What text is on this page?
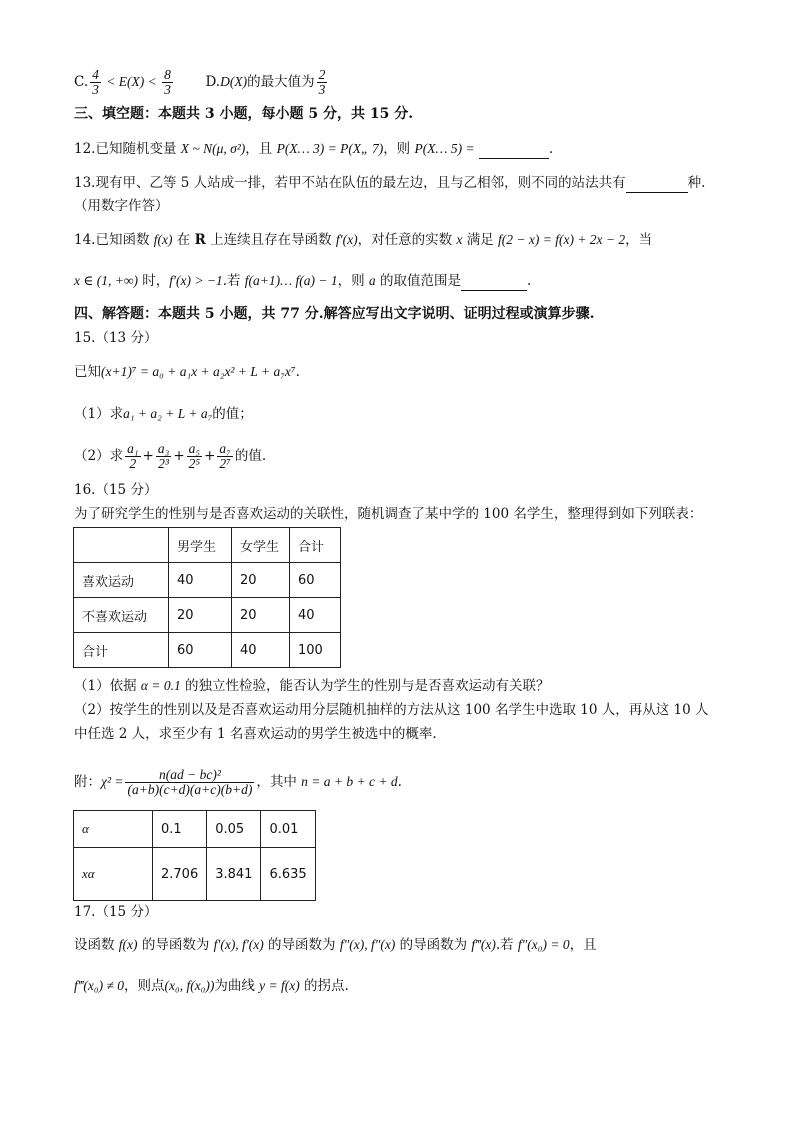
C. $\frac{4}{3} < E(X) < \frac{8}{3} D.D(X)$的最大值为 $\frac{2}{3}$
三、填空题：本题共 3 小题，每小题 5 分，共 15 分.
12.已知随机变量 X ~ N(μ, σ²)，且 P(X… 3) = P(X„ 7)，则 P(X… 5) =	.
13.现有甲、乙等 5 人站成一排，若甲不站在队伍的最左边，且与乙相邻，则不同的站法共有	种.
（用数字作答）
14.已知函数 f(x) 在 R 上连续且存在导函数 f′(x)，对任意的实数 x 满足 f(2 − x) = f(x) + 2x − 2，当
x ∈ (1, +∞) 时，f′(x) > −1.若 f(a+1)… f(a) − 1，则 a 的取值范围是	.
四、解答题：本题共 5 小题，共 77 分.解答应写出文字说明、证明过程或演算步骤.
15.（13 分）
已知(x+1)⁷ = a₀ + a₁x + a₂x² + L + a₇x⁷.
（1）求a₁ + a₂ + L + a₇的值；
（2）求 $\frac{\text{a₁}}{2} + \frac{\text{a₃}}{\text{2³}} + \frac{\text{a₅}}{\text{2⁵}} + \frac{\text{a₇}}{\text{2⁷}}$ 的值.
16.（15 分）
为了研究学生的性别与是否喜欢运动的关联性，随机调查了某中学的 100 名学生，整理得到如下列联表：
	男学生	女学生	合计
喜欢运动	40	20	60
不喜欢运动	20	20	40
合计	60	40	100
（1）依据 α = 0.1 的独立性检验，能否认为学生的性别与是否喜欢运动有关联？
（2）按学生的性别以及是否喜欢运动用分层随机抽样的方法从这 100 名学生中选取 10 人，再从这 10 人
中任选 2 人，求至少有 1 名喜欢运动的男学生被选中的概率.
附：$\chi^2 = \frac{\text{n(ad − bc)²}}{(a+b)(c+d)(a+c)(b+d)}$ ，其中 n = a + b + c + d.
α	0.1	0.05	0.01
xα	2.706	3.841	6.635
17.（15 分）
设函数 f(x) 的导函数为 f′(x), f′(x) 的导函数为 f″(x), f″(x) 的导函数为 f‴(x).若 f″(x₀) = 0，且
f‴(x₀) ≠ 0，则点(x₀, f(x₀))为曲线 y = f(x) 的拐点.
